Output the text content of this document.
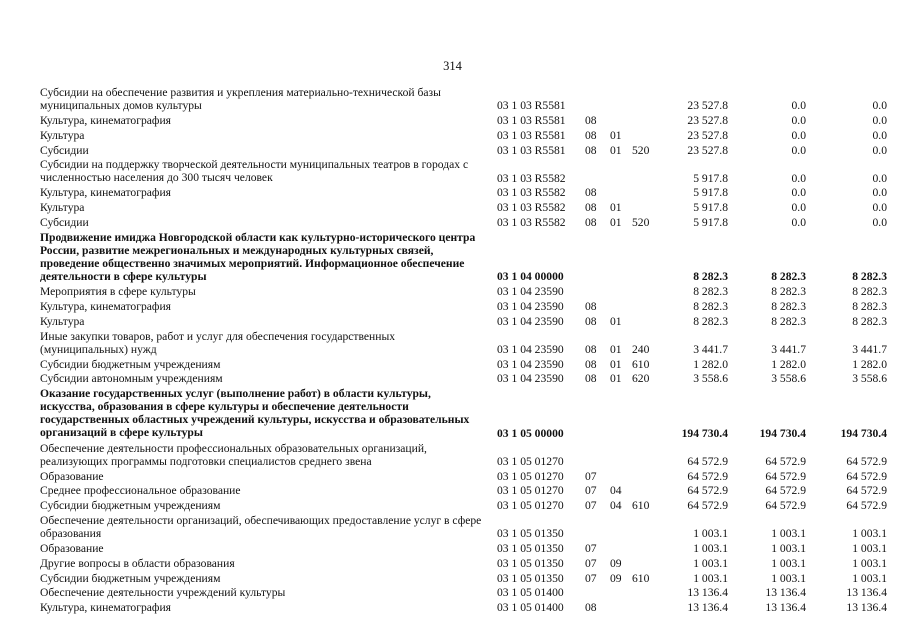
314
Субсидии на обеспечение развития и укрепления материально-технической базы муниципальных домов культуры	03 1 03 R5581	23 527.8	0.0	0.0
Культура, кинематография	03 1 03 R5581 08	23 527.8	0.0	0.0
Культура	03 1 03 R5581 08 01	23 527.8	0.0	0.0
Субсидии	03 1 03 R5581 08 01 520	23 527.8	0.0	0.0
Субсидии на поддержку творческой деятельности муниципальных театров в городах с численностью населения до 300 тысяч человек	03 1 03 R5582	5 917.8	0.0	0.0
Культура, кинематография	03 1 03 R5582 08	5 917.8	0.0	0.0
Культура	03 1 03 R5582 08 01	5 917.8	0.0	0.0
Субсидии	03 1 03 R5582 08 01 520	5 917.8	0.0	0.0
Продвижение имиджа Новгородской области как культурно-исторического центра России, развитие межрегиональных и международных культурных связей, проведение общественно значимых мероприятий. Информационное обеспечение деятельности в сфере культуры	03 1 04 00000	8 282.3	8 282.3	8 282.3
Мероприятия в сфере культуры	03 1 04 23590	8 282.3	8 282.3	8 282.3
Культура, кинематография	03 1 04 23590 08	8 282.3	8 282.3	8 282.3
Культура	03 1 04 23590 08 01	8 282.3	8 282.3	8 282.3
Иные закупки товаров, работ и услуг для обеспечения государственных (муниципальных) нужд	03 1 04 23590 08 01 240	3 441.7	3 441.7	3 441.7
Субсидии бюджетным учреждениям	03 1 04 23590 08 01 610	1 282.0	1 282.0	1 282.0
Субсидии автономным учреждениям	03 1 04 23590 08 01 620	3 558.6	3 558.6	3 558.6
Оказание государственных услуг (выполнение работ) в области культуры, искусства, образования в сфере культуры и обеспечение деятельности государственных областных учреждений культуры, искусства и образовательных организаций в сфере культуры	03 1 05 00000	194 730.4	194 730.4	194 730.4
Обеспечение деятельности профессиональных образовательных организаций, реализующих программы подготовки специалистов среднего звена	03 1 05 01270	64 572.9	64 572.9	64 572.9
Образование	03 1 05 01270 07	64 572.9	64 572.9	64 572.9
Среднее профессиональное образование	03 1 05 01270 07 04	64 572.9	64 572.9	64 572.9
Субсидии бюджетным учреждениям	03 1 05 01270 07 04 610	64 572.9	64 572.9	64 572.9
Обеспечение деятельности организаций, обеспечивающих предоставление услуг в сфере образования	03 1 05 01350	1 003.1	1 003.1	1 003.1
Образование	03 1 05 01350 07	1 003.1	1 003.1	1 003.1
Другие вопросы в области образования	03 1 05 01350 07 09	1 003.1	1 003.1	1 003.1
Субсидии бюджетным учреждениям	03 1 05 01350 07 09 610	1 003.1	1 003.1	1 003.1
Обеспечение деятельности учреждений культуры	03 1 05 01400	13 136.4	13 136.4	13 136.4
Культура, кинематография	03 1 05 01400 08	13 136.4	13 136.4	13 136.4
